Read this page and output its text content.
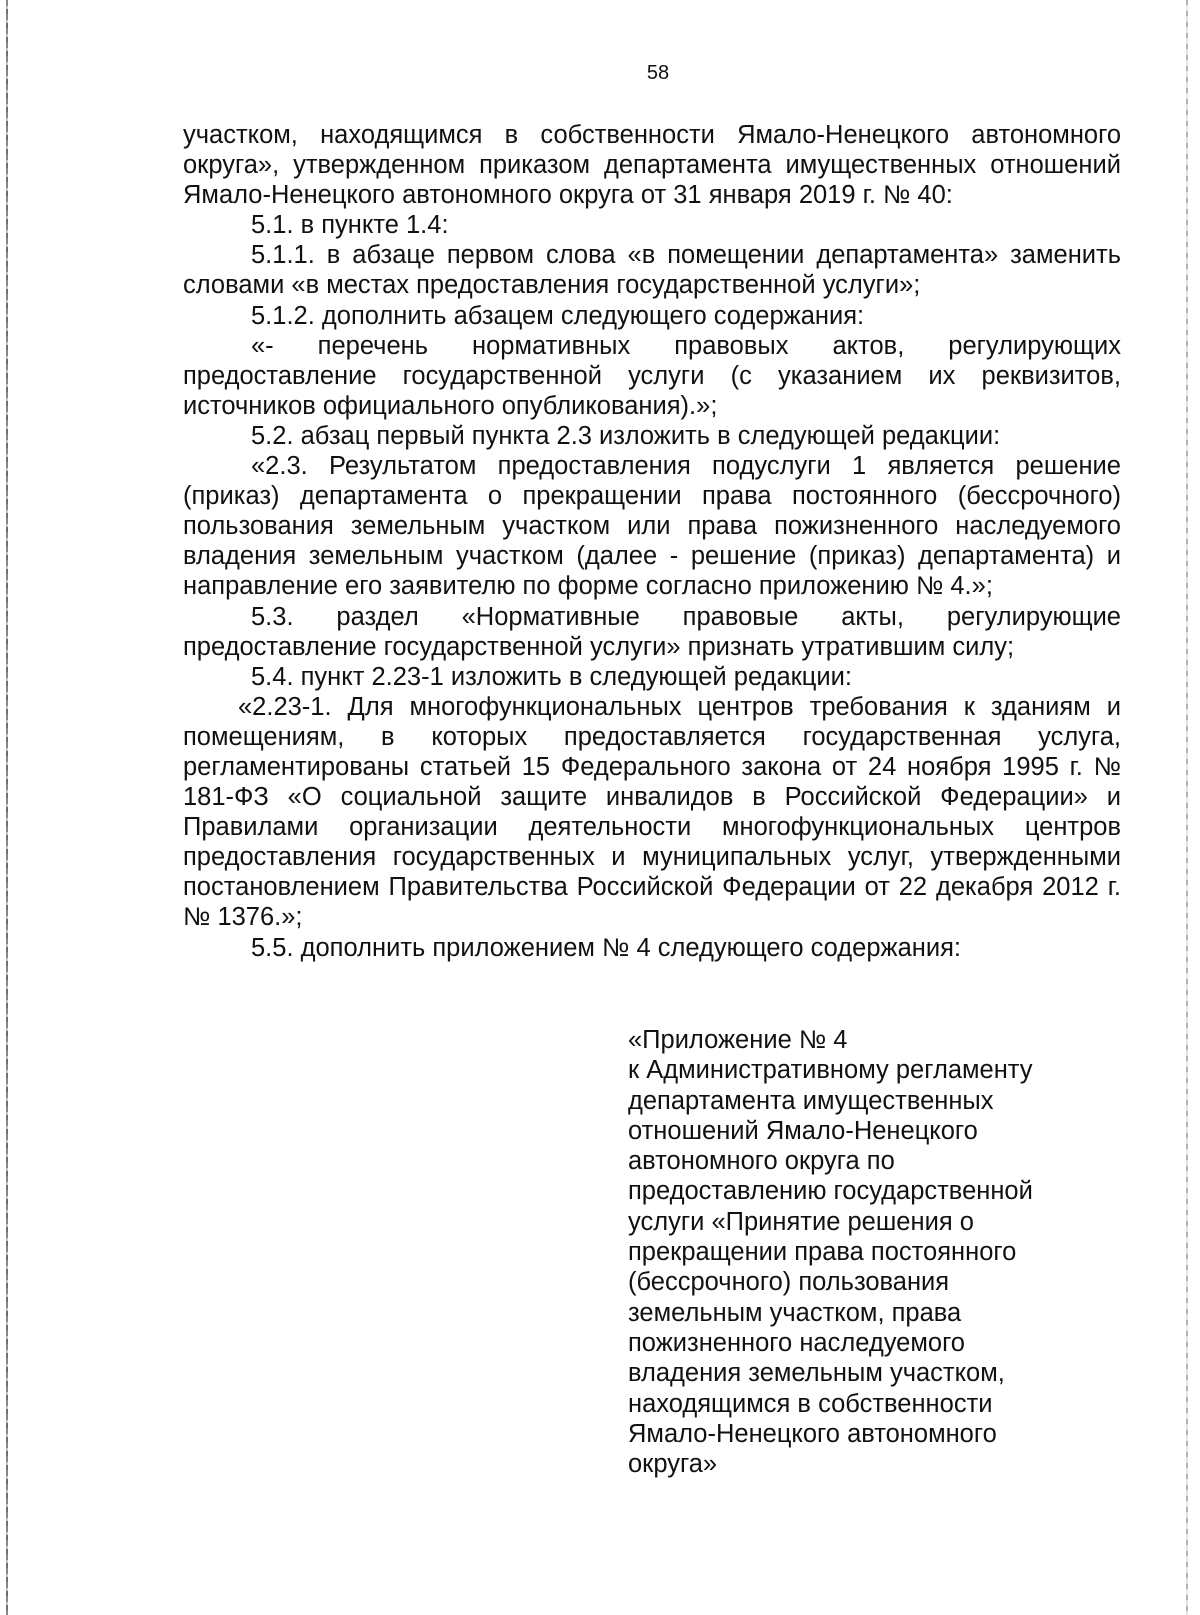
58

участком, находящимся в собственности Ямало-Ненецкого автономного округа», утвержденном приказом департамента имущественных отношений Ямало-Ненецкого автономного округа от 31 января 2019 г. № 40:

5.1. в пункте 1.4:

5.1.1. в абзаце первом слова «в помещении департамента» заменить словами «в местах предоставления государственной услуги»;

5.1.2. дополнить абзацем следующего содержания:

«- перечень нормативных правовых актов, регулирующих предоставление государственной услуги (с указанием их реквизитов, источников официального опубликования).»;

5.2. абзац первый пункта 2.3 изложить в следующей редакции:

«2.3. Результатом предоставления подуслуги 1 является решение (приказ) департамента о прекращении права постоянного (бессрочного) пользования земельным участком или права пожизненного наследуемого владения земельным участком (далее - решение (приказ) департамента) и направление его заявителю по форме согласно приложению № 4.»;

5.3. раздел «Нормативные правовые акты, регулирующие предоставление государственной услуги» признать утратившим силу;

5.4. пункт 2.23-1 изложить в следующей редакции:

«2.23-1. Для многофункциональных центров требования к зданиям и помещениям, в которых предоставляется государственная услуга, регламентированы статьей 15 Федерального закона от 24 ноября 1995 г. № 181-ФЗ «О социальной защите инвалидов в Российской Федерации» и Правилами организации деятельности многофункциональных центров предоставления государственных и муниципальных услуг, утвержденными постановлением Правительства Российской Федерации от 22 декабря 2012 г. № 1376.»;

5.5. дополнить приложением № 4 следующего содержания:

«Приложение № 4
к Административному регламенту
департамента имущественных
отношений Ямало-Ненецкого
автономного округа по
предоставлению государственной
услуги «Принятие решения о
прекращении права постоянного
(бессрочного) пользования
земельным участком, права
пожизненного наследуемого
владения земельным участком,
находящимся в собственности
Ямало-Ненецкого автономного
округа»
